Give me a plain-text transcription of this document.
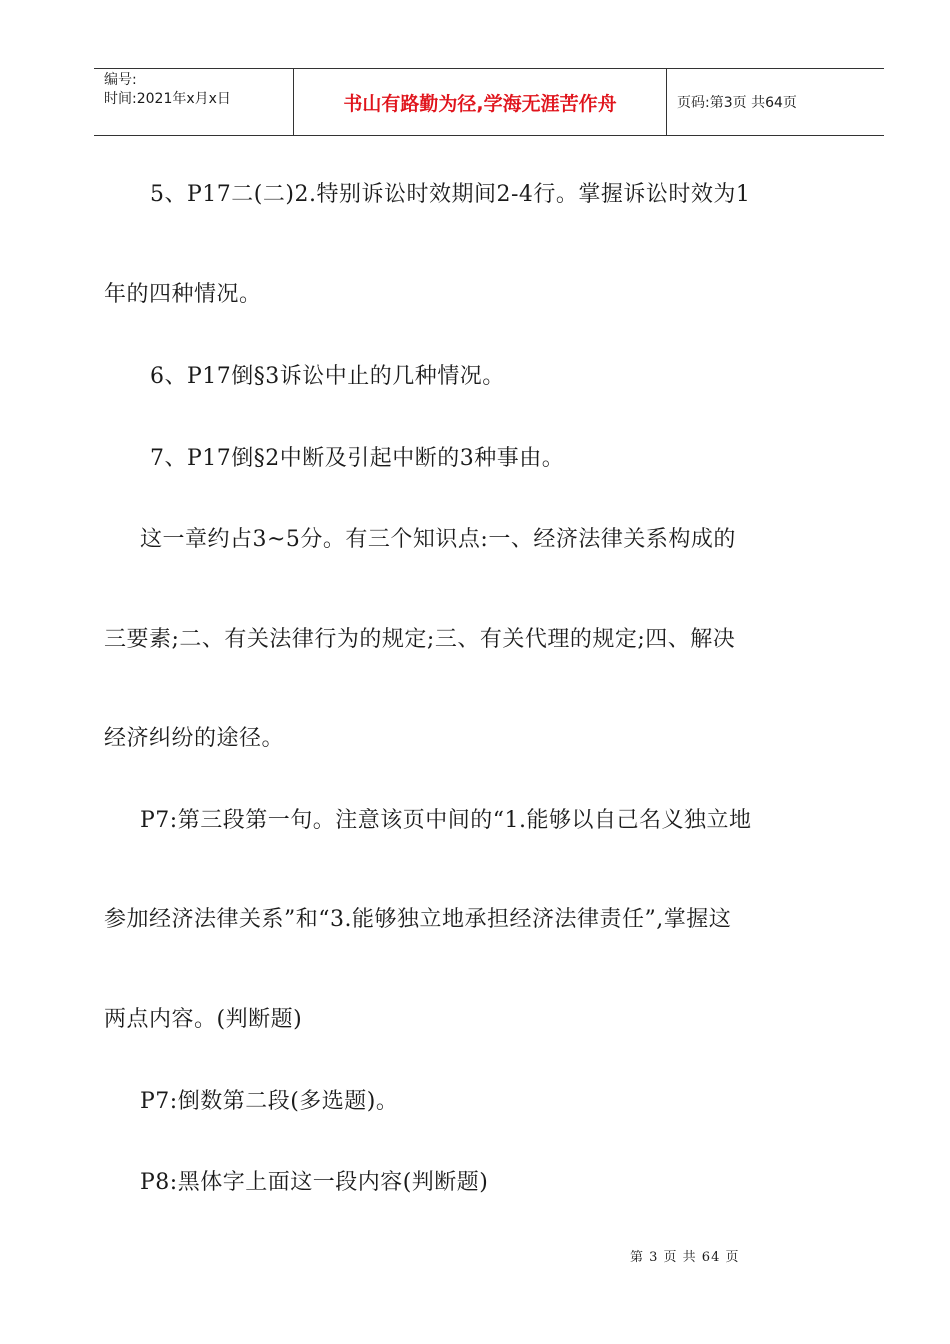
编号:
时间:2021年x月x日	书山有路勤为径,学海无涯苦作舟	页码:第3页 共64页
5、P17二(二)2.特别诉讼时效期间2-4行。掌握诉讼时效为1
年的四种情况。
6、P17倒§3诉讼中止的几种情况。
7、P17倒§2中断及引起中断的3种事由。
这一章约占3~5分。有三个知识点:一、经济法律关系构成的
三要素;二、有关法律行为的规定;三、有关代理的规定;四、解决
经济纠纷的途径。
P7:第三段第一句。注意该页中间的“1.能够以自己名义独立地
参加经济法律关系”和“3.能够独立地承担经济法律责任”,掌握这
两点内容。(判断题)
P7:倒数第二段(多选题)。
P8:黑体字上面这一段内容(判断题)
第 3 页 共 64 页
